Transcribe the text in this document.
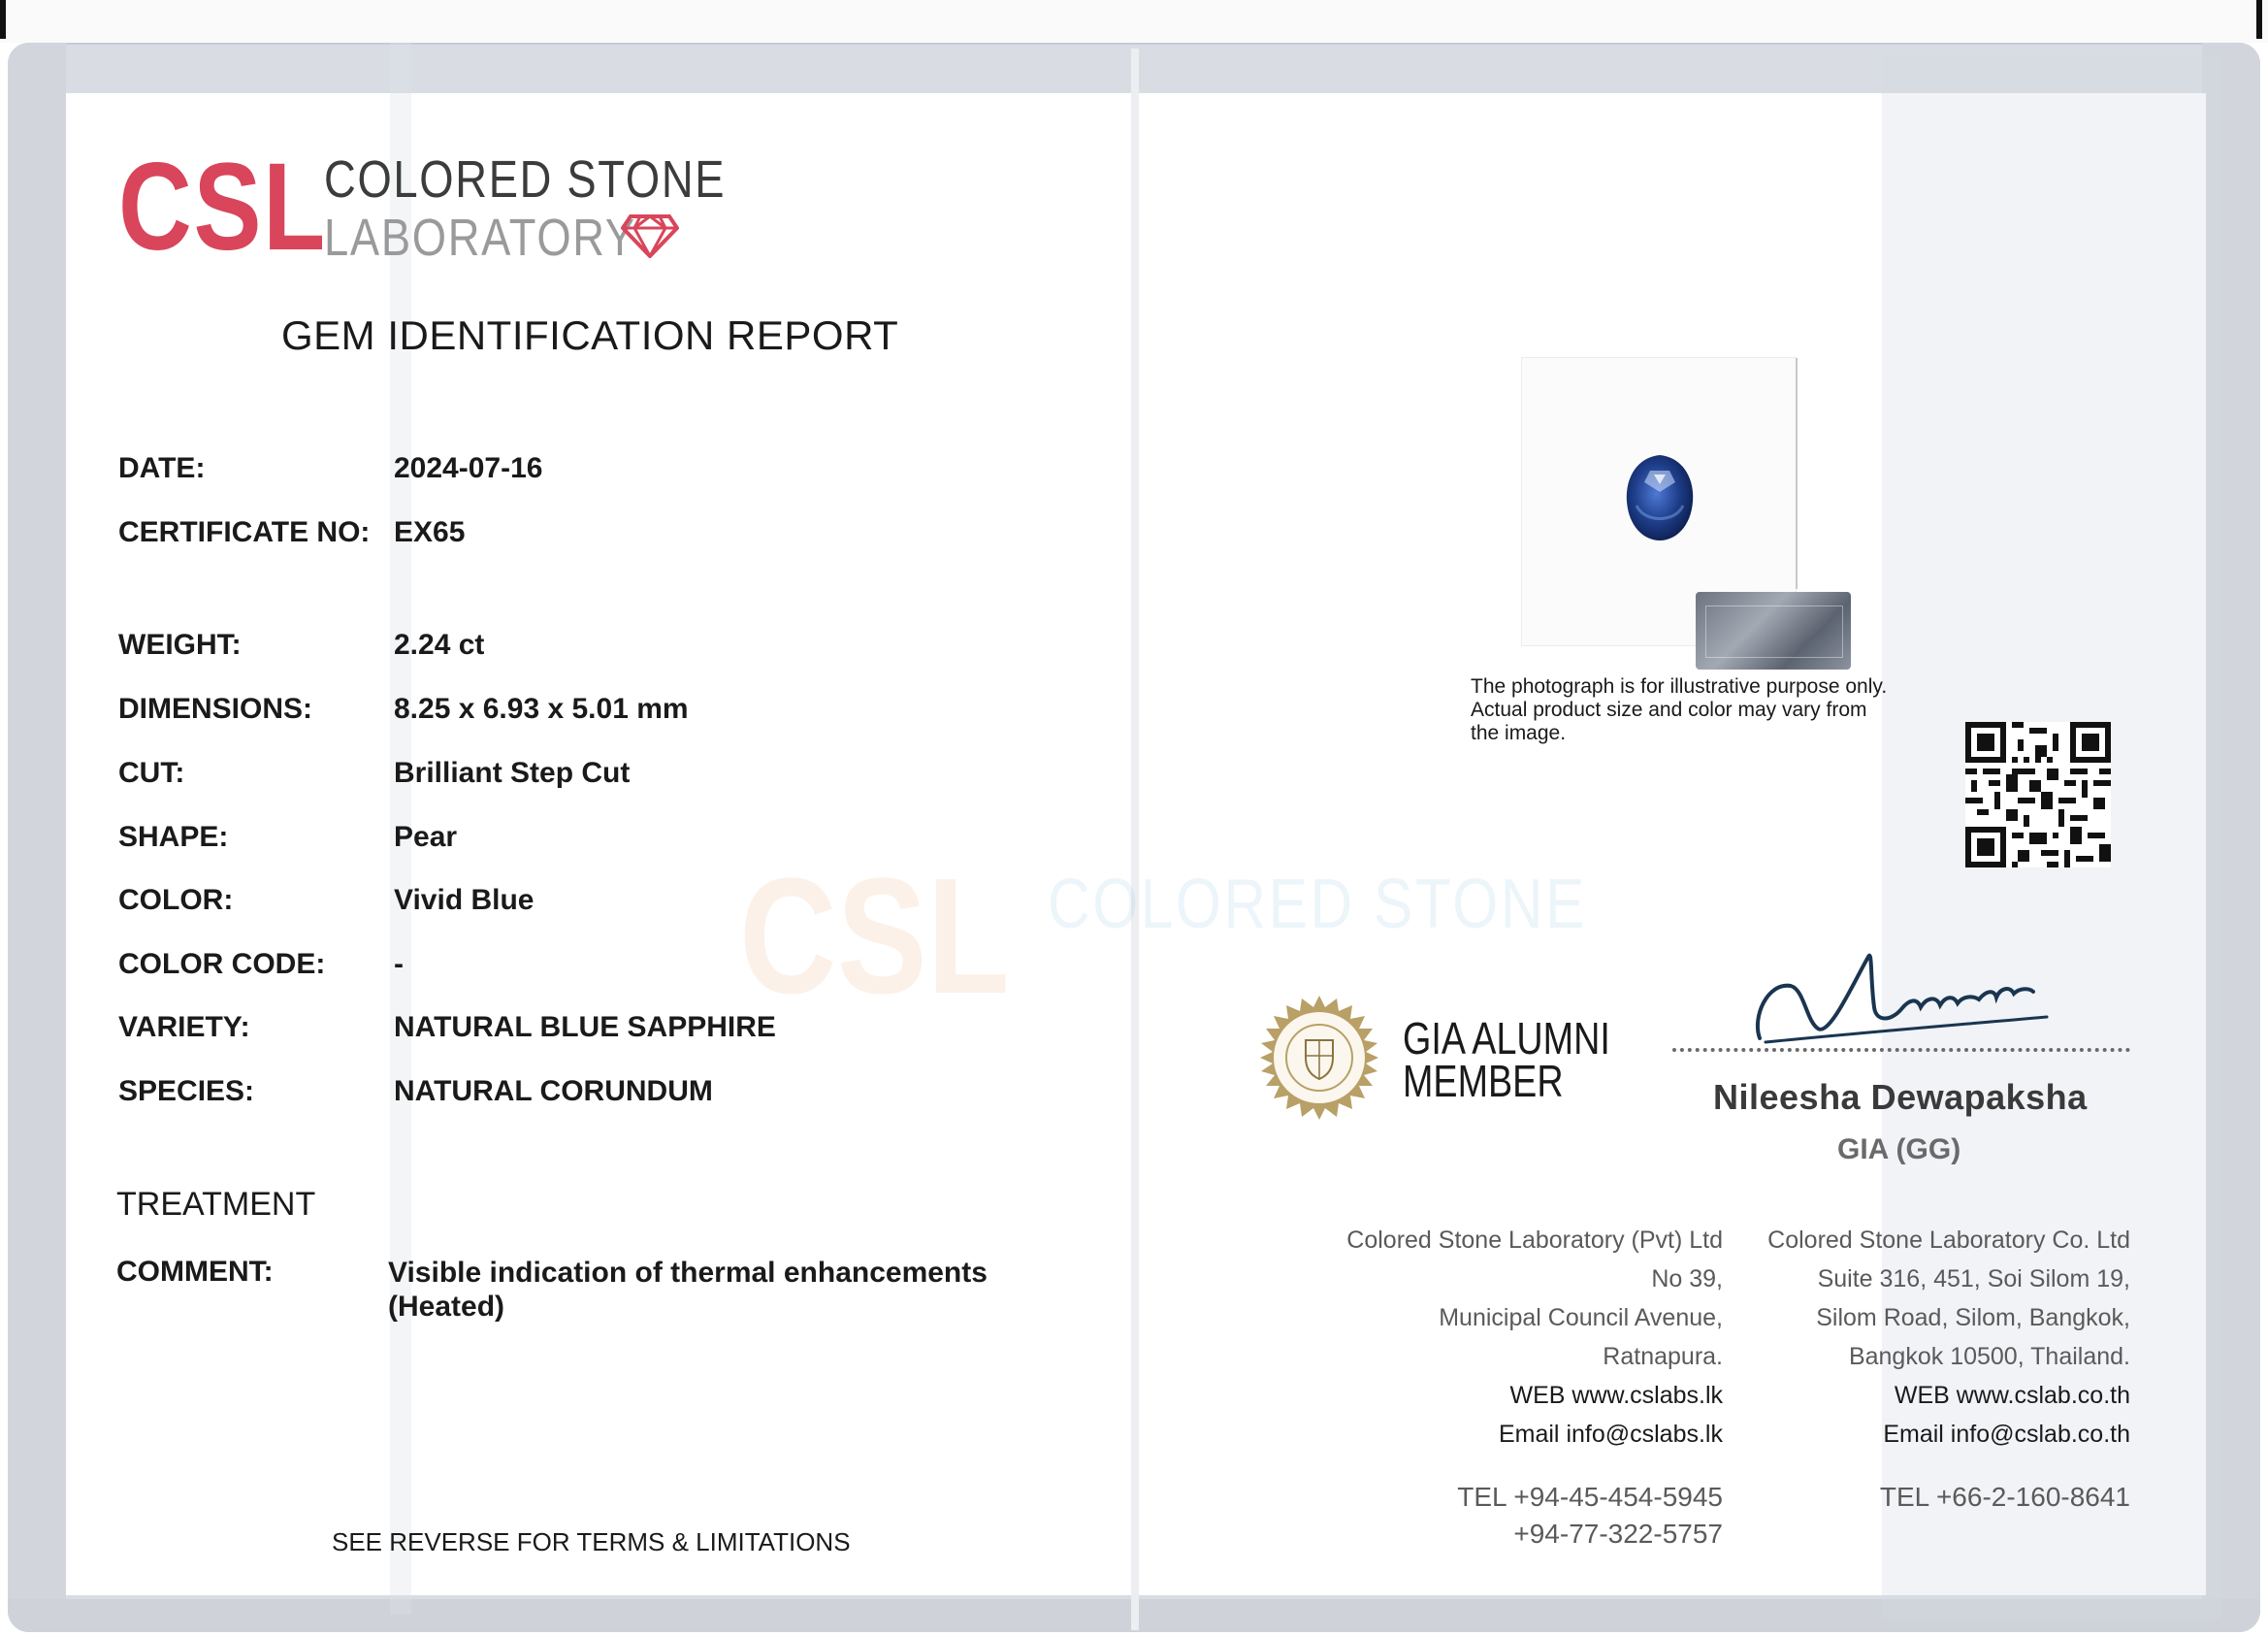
CSL
COLORED STONE
LABORATORY
GEM IDENTIFICATION REPORT
DATE:	2024-07-16
CERTIFICATE NO: EX65
WEIGHT:	2.24 ct
DIMENSIONS:	8.25 x 6.93 x 5.01 mm
CUT:	Brilliant Step Cut
SHAPE:	Pear
COLOR:	Vivid Blue
COLOR CODE: -
VARIETY:	NATURAL BLUE SAPPHIRE
SPECIES:	NATURAL CORUNDUM
TREATMENT
COMMENT:	Visible indication of thermal enhancements (Heated)
SEE REVERSE FOR TERMS & LIMITATIONS
The photograph is for illustrative purpose only. Actual product size and color may vary from the image.
CSL COLORED STONE
GIA ALUMNI
MEMBER	Nileesha Dewapaksha
GIA (GG)
Colored Stone Laboratory (Pvt) Ltd
No 39,
Municipal Council Avenue,
Ratnapura.
WEB www.cslabs.lk
Email info@cslabs.lk
TEL +94-45-454-5945
+94-77-322-5757
Colored Stone Laboratory Co. Ltd
Suite 316, 451, Soi Silom 19,
Silom Road, Silom, Bangkok,
Bangkok 10500, Thailand.
WEB www.cslab.co.th
Email info@cslab.co.th
TEL +66-2-160-8641
